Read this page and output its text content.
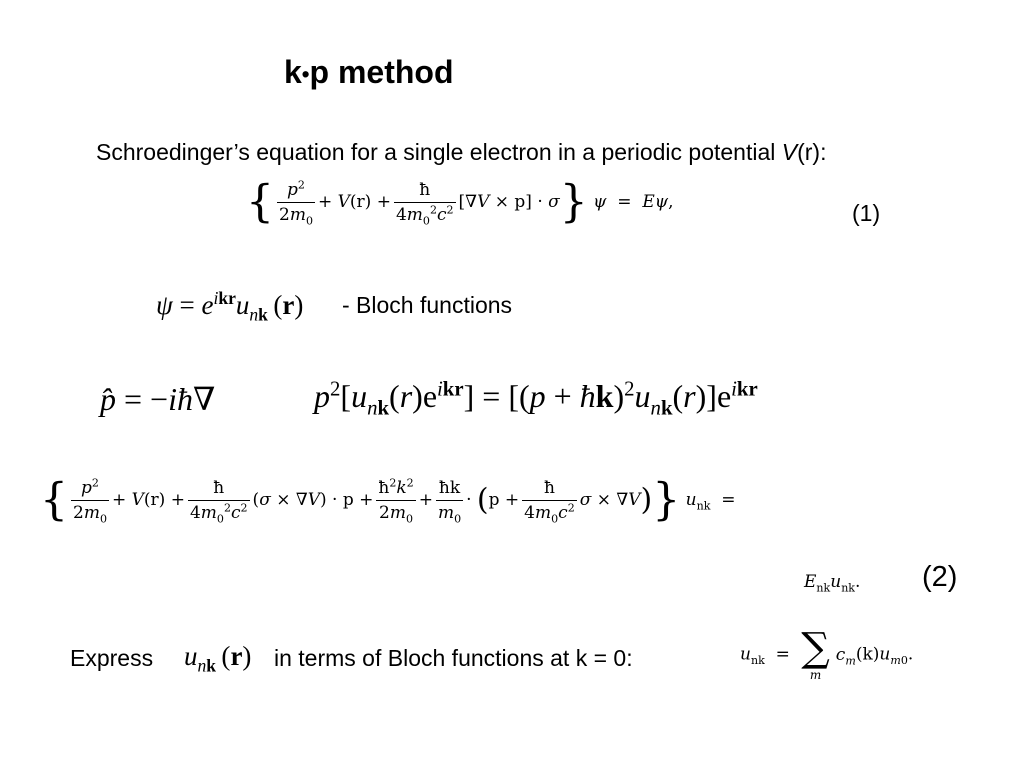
k•p method
Schroedinger’s equation for a single electron in a periodic potential V(r):
{ $\frac{p^2}{2m_0} + V(r) + \frac{ħ}{4m_0^2c^2} [\nabla V \times p] \cdot \sigma$} ψ  =  Eψ,	(1)
$\psi = e^{ikr}u_{nk}$ (r) - Bloch functions
p̂ = −iħ∇	$p^2[u_{nk}(r)e^{ikr}] = [(p$ + $ħk)^2u_{nk}(r)]e^{ikr}$
{ $\frac{p^2}{2m_0} + V(r) + \frac{ħ}{4m_0^2c^2} (\sigma \times \nabla V) \cdot p + \frac{ħ^2k^2}{2m_0} + \frac{ħk}{m_0} \cdot (p + \frac{ħ}{4m_0c^2}$ σ × ∇V)} $u_{nk}$  =
$E_{nk}u_{nk}$. (2)
Express $u_{nk}$ (r) in terms of Bloch functions at k = 0:	$u_{nk}$  = ∑
m
$c_m(k)u_{m0}$.
